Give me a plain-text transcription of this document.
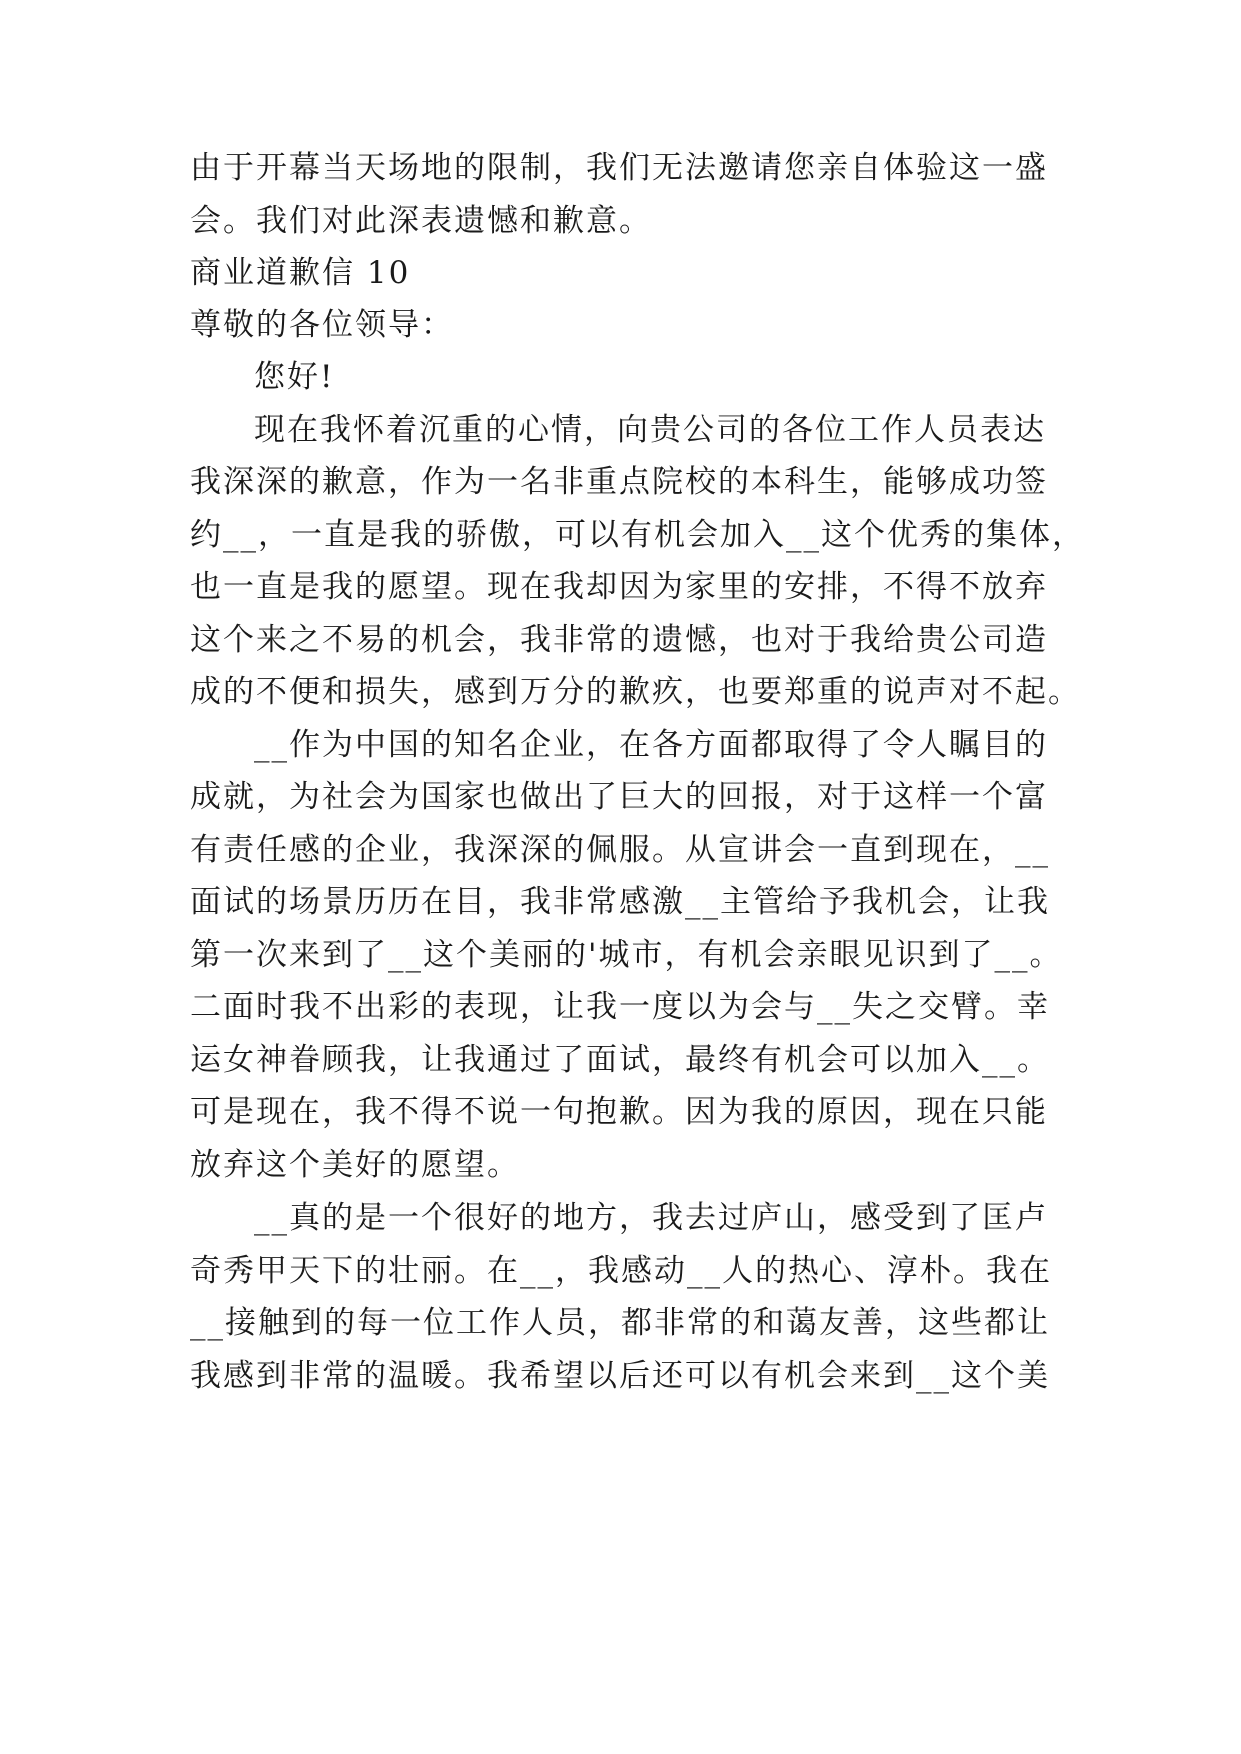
由于开幕当天场地的限制，我们无法邀请您亲自体验这一盛
会。我们对此深表遗憾和歉意。
商业道歉信 10
尊敬的各位领导：
您好!
现在我怀着沉重的心情，向贵公司的各位工作人员表达
我深深的歉意，作为一名非重点院校的本科生，能够成功签
约__，一直是我的骄傲，可以有机会加入__这个优秀的集体，
也一直是我的愿望。现在我却因为家里的安排，不得不放弃
这个来之不易的机会，我非常的遗憾，也对于我给贵公司造
成的不便和损失，感到万分的歉疚，也要郑重的说声对不起。
__作为中国的知名企业，在各方面都取得了令人瞩目的
成就，为社会为国家也做出了巨大的回报，对于这样一个富
有责任感的企业，我深深的佩服。从宣讲会一直到现在，__
面试的场景历历在目，我非常感激__主管给予我机会，让我
第一次来到了__这个美丽的'城市，有机会亲眼见识到了__。
二面时我不出彩的表现，让我一度以为会与__失之交臂。幸
运女神眷顾我，让我通过了面试，最终有机会可以加入__。
可是现在，我不得不说一句抱歉。因为我的原因，现在只能
放弃这个美好的愿望。
__真的是一个很好的地方，我去过庐山，感受到了匡卢
奇秀甲天下的壮丽。在__，我感动__人的热心、淳朴。我在
__接触到的每一位工作人员，都非常的和蔼友善，这些都让
我感到非常的温暖。我希望以后还可以有机会来到__这个美
